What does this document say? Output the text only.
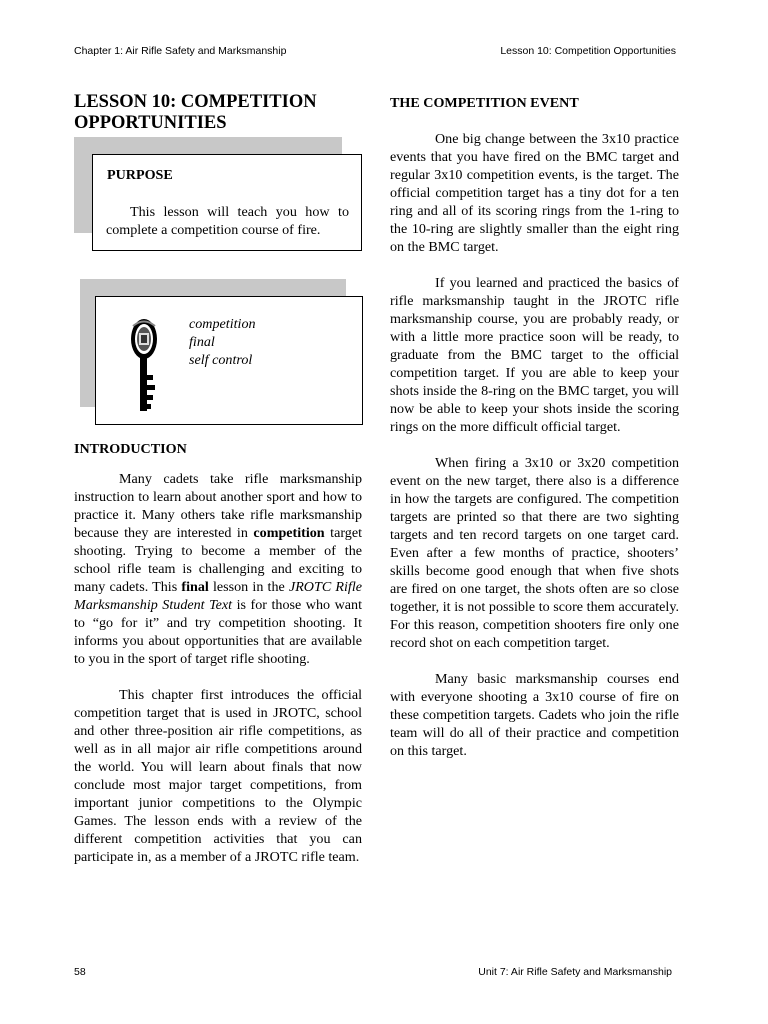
Chapter 1: Air Rifle Safety and Marksmanship	Lesson 10: Competition Opportunities
LESSON 10: COMPETITION
OPPORTUNITIES
PURPOSE
This lesson will teach you how to complete a competition course of fire.
competition
final
self control
INTRODUCTION

Many cadets take rifle marksmanship instruction to learn about another sport and how to practice it. Many others take rifle marksmanship because they are interested in competition target shooting. Trying to become a member of the school rifle team is challenging and exciting to many cadets. This final lesson in the JROTC Rifle Marksmanship Student Text is for those who want to “go for it” and try competition shooting. It informs you about opportunities that are available to you in the sport of target rifle shooting.

This chapter first introduces the official competition target that is used in JROTC, school and other three-position air rifle competitions, as well as in all major air rifle competitions around the world. You will learn about finals that now conclude most major target competitions, from important junior competitions to the Olympic Games. The lesson ends with a review of the different competition activities that you can participate in, as a member of a JROTC rifle team.

THE COMPETITION EVENT

One big change between the 3x10 practice events that you have fired on the BMC target and regular 3x10 competition events, is the target. The official competition target has a tiny dot for a ten ring and all of its scoring rings from the 1-ring to the 10-ring are slightly smaller than the eight ring on the BMC target.

If you learned and practiced the basics of rifle marksmanship taught in the JROTC rifle marksmanship course, you are probably ready, or with a little more practice soon will be ready, to graduate from the BMC target to the official competition target. If you are able to keep your shots inside the 8-ring on the BMC target, you will now be able to keep your shots inside the scoring rings on the more difficult official target.

When firing a 3x10 or 3x20 competition event on the new target, there also is a difference in how the targets are configured. The competition targets are printed so that there are two sighting targets and ten record targets on one target card. Even after a few months of practice, shooters’ skills become good enough that when five shots are fired on one target, the shots often are so close together, it is not possible to score them accurately. For this reason, competition shooters fire only one record shot on each competition target.

Many basic marksmanship courses end with everyone shooting a 3x10 course of fire on these competition targets. Cadets who join the rifle team will do all of their practice and competition on this target.

58	Unit 7: Air Rifle Safety and Marksmanship
